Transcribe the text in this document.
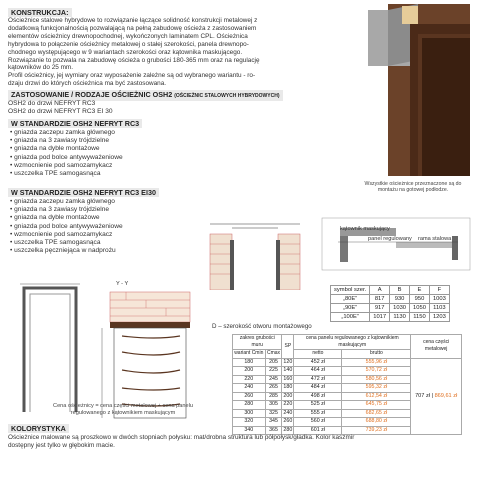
KONSTRUKCJA:
Ościeżnice stalowe hybrydowe to rozwiązanie łączące solidność konstrukcji metalowej z
dodatkową funkcjonalnością pozwalającą na pełną zabudowę ościeża z zastosowaniem
elementów ościeżnicy drewnopochodnej, wykończonych laminatem CPL. Ościeżnica
hybrydowa to połączenie ościeżnicy metalowej o stałej szerokości, panela drewnopo-
chodnego występującego w 9 wariantach szerokości oraz kątownika maskującego.
Rozwiązanie to pozwala na zabudowę ościeża o grubości 180-365 mm oraz na regulację
kątowników do 25 mm.
Profil ościeżnicy, jej wymiary oraz wyposażenie zależne są od wybranego wariantu - ro-
dzaju drzwi do których ościeżnica ma być zastosowana.
ZASTOSOWANIE / RODZAJE OŚCIEŻNIC OSH2 (OŚCIEŻNIC STALOWYCH HYBRYDOWYCH)
OSH2 do drzwi NEFRYT RC3
OSH2 do drzwi NEFRYT RC3 EI 30
W STANDARDZIE OSH2 NEFRYT RC3
• gniazda zaczepu zamka głównego
• gniazda na 3 zawiasy trójdzielne
• gniazda na dyble montażowe
• gniazda pod bolce antywyważeniowe
• wzmocnienie pod samozamykacz
• uszczelka TPE samogasnąca
W STANDARDZIE OSH2 NEFRYT RC3 EI30
• gniazda zaczepu zamka głównego
• gniazda na 3 zawiasy trójdzielne
• gniazda na dyble montażowe
• gniazda pod bolce antywyważeniowe
• wzmocnienie pod samozamykacz
• uszczelka TPE samogasnąca
• uszczelka pęczniejąca w nadprożu
Wszystkie ościeżnice przeznaczone są do
montażu na gotowej podłodze.
kątownik maskujący
panel regulowany rama stalowa
symbol szer.	A	B	E	F
„80E”	817	930	950	1003
„90E”	917	1030	1050	1103
„100E”	1017	1130	1150	1203
Y - Y
D – szerokość otworu montażowego
zakres grubości muru		SP	cena panelu regulowanego z kątownikiem maskującym		cena części metalowej
wariant Cmin	Cmax		netto	brutto	
180	205	120	452 zł	555,96 zł	707 zł | 869,61 zł
200	225	140	464 zł	570,72 zł	
220	245	160	472 zł	580,56 zł	
240	265	180	484 zł	595,32 zł	
260	285	200	498 zł	612,54 zł	
280	305	220	525 zł	645,75 zł	
300	325	240	555 zł	682,65 zł	
320	345	260	560 zł	688,80 zł	
340	365	280	601 zł	739,23 zł	
Cena ościeżnicy = cena części metalowej + cena panelu
regulowanego z kątownikiem maskującym
KOLORYSTYKA
Ościeżnice malowane są proszkowo w dwóch stopniach połysku: mat/drobna struktura lub półpołysk/gładka. Kolor kaszmir
dostępny jest tylko w głębokim macie.
